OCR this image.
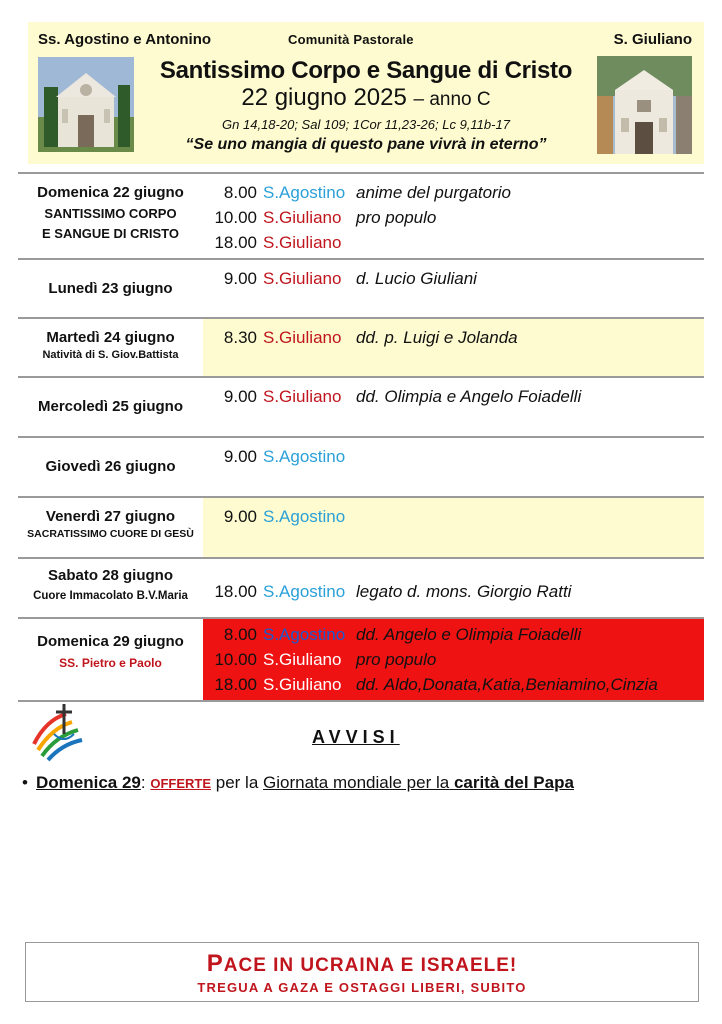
Ss. Agostino e Antonino	Comunità Pastorale	S. Giuliano
Santissimo Corpo e Sangue di Cristo
22 giugno 2025 – anno C
Gn 14,18-20; Sal 109; 1Cor 11,23-26; Lc 9,11b-17
“Se uno mangia di questo pane vivrà in eterno”
Domenica 22 giugno
SANTISSIMO CORPO
E SANGUE DI CRISTO
8.00 S.Agostino anime del purgatorio
10.00 S.Giuliano pro populo
18.00 S.Giuliano
Lunedì 23 giugno
9.00 S.Giuliano d. Lucio Giuliani
Martedì 24 giugno
Natività di S. Giov.Battista
8.30 S.Giuliano dd. p. Luigi e Jolanda
Mercoledì 25 giugno
9.00 S.Giuliano dd. Olimpia e Angelo Foiadelli
Giovedì 26 giugno
9.00 S.Agostino
Venerdì 27 giugno
SACRATISSIMO CUORE DI GESÙ
9.00 S.Agostino
Sabato 28 giugno
Cuore Immacolato B.V.Maria	18.00 S.Agostino legato d. mons. Giorgio Ratti
Domenica 29 giugno
SS. Pietro e Paolo
8.00 S.Agostino dd. Angelo e Olimpia Foiadelli
10.00 S.Giuliano pro populo
18.00 S.Giuliano dd. Aldo,Donata,Katia,Beniamino,Cinzia
AVVISI
• Domenica 29: OFFERTE per la Giornata mondiale per la carità del Papa
PACE IN UCRAINA E ISRAELE!
TREGUA A GAZA E OSTAGGI LIBERI, SUBITO
